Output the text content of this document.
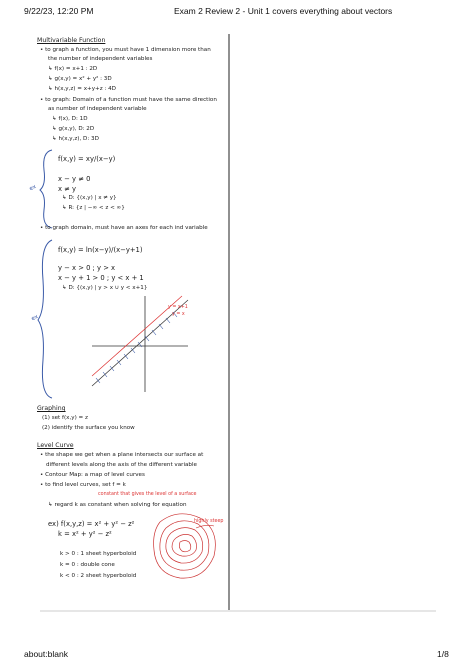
9/22/23, 12:20 PM	Exam 2 Review 2 - Unit 1 covers everything about vectors
Multivariable Function
• to graph a function, you must have 1 dimension more than
the number of independent variables
↳ f(x) = x+1 : 2D
↳ g(x,y) = x² + y² : 3D
↳ h(x,y,z) = x+y+z : 4D
• to graph: Domain of a function must have the same direction
as number of independent variable
↳ f(x), D: 1D
↳ g(x,y), D: 2D
↳ h(x,y,z), D: 3D
ex
f(x,y) = xy/(x−y)
x − y ≠ 0
x ≠ y
↳ D: {(x,y) | x ≠ y}
↳ R: {z | −∞ < z < ∞}
• to graph domain, must have an axes for each ind variable
ex
f(x,y) = ln(x−y)/(x−y+1)
y − x > 0 ; y > x
x − y + 1 > 0 ; y < x + 1
↳ D: {(x,y) | y > x ∪ y < x+1}
y = x+1
y = x
Graphing
(1) set f(x,y) = z
(2) identify the surface you know
Level Curve
• the shape we get when a plane intersects our surface at
different levels along the axis of the different variable
• Contour Map: a map of level curves
• to find level curves, set f = k
constant that gives the level of a surface
↳ regard k as constant when solving for equation
ex) f(x,y,z) = x² + y² − z²
k = x² + y² − z²
k > 0 : 1 sheet hyperboloid
k = 0 : double cone
k < 0 : 2 sheet hyperboloid
highly steep
about:blank	1/8
